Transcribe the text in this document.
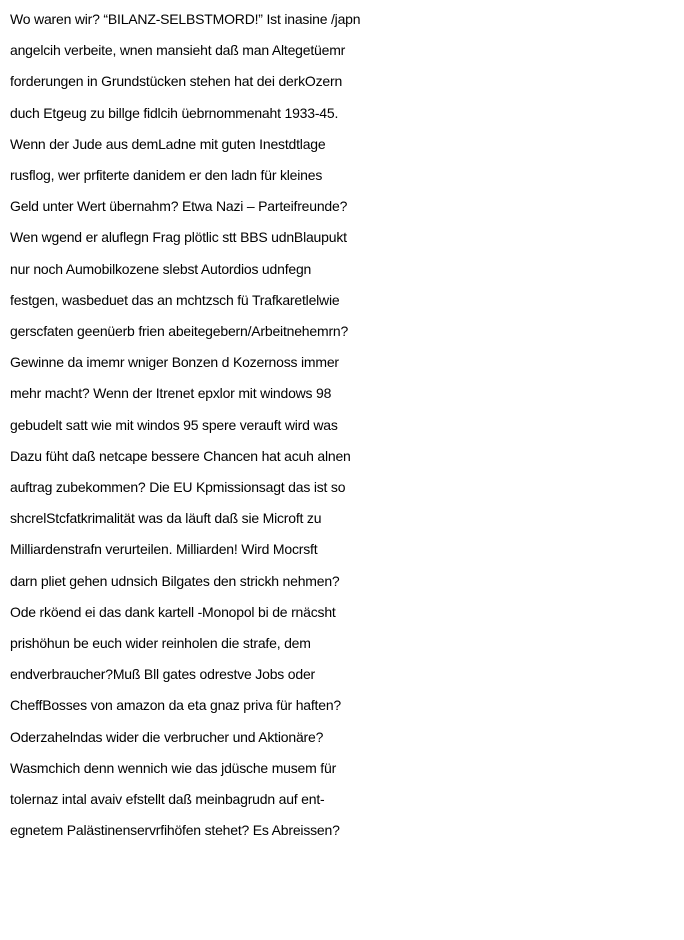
Wo waren wir? “BILANZ-SELBSTMORD!” Ist inasine /japn
angelcih verbeite, wnen mansieht daß man Altegetüemr
forderungen in Grundstücken stehen hat dei derkOzern
duch Etgeug zu billge fidlcih üebrnommenaht 1933-45.
Wenn der Jude aus demLadne mit guten Inestdtlage
rusflog, wer prfiterte danidem er den ladn für kleines
Geld unter Wert übernahm? Etwa Nazi – Parteifreunde?
Wen wgend er aluflegn Frag plötlic stt BBS udnBlaupukt
nur noch Aumobilkozene slebst Autordios udnfegn
festgen, wasbeduet das an mchtzsch fü Trafkaretlelwie
gerscfaten geenüerb frien abeitegebern/Arbeitnehemrn?
Gewinne da imemr wniger Bonzen d Kozernoss immer
mehr macht? Wenn der Itrenet epxlor mit windows 98
gebudelt satt wie mit windos 95 spere verauft wird was
Dazu füht daß netcape bessere Chancen hat acuh alnen
auftrag zubekommen? Die EU Kpmissionsagt das ist so
shcrelStcfatkrimalität was da läuft daß sie Microft zu
Milliardenstrafn verurteilen. Milliarden! Wird Mocrsft
darn pliet gehen udnsich Bilgates den strickh nehmen?
Ode rköend ei das dank kartell -Monopol bi de rnäcsht
prishöhun be euch wider reinholen die strafe, dem
endverbraucher?Muß Bll gates odrestve Jobs oder
CheffBosses von amazon da eta gnaz priva für haften?
Oderzahelndas wider die verbrucher und Aktionäre?
Wasmchich denn wennich wie das jdüsche musem für
tolernaz intal avaiv efstellt daß meinbagrudn auf ent-
egnetem Palästinenservrfihöfen stehet? Es Abreissen?
